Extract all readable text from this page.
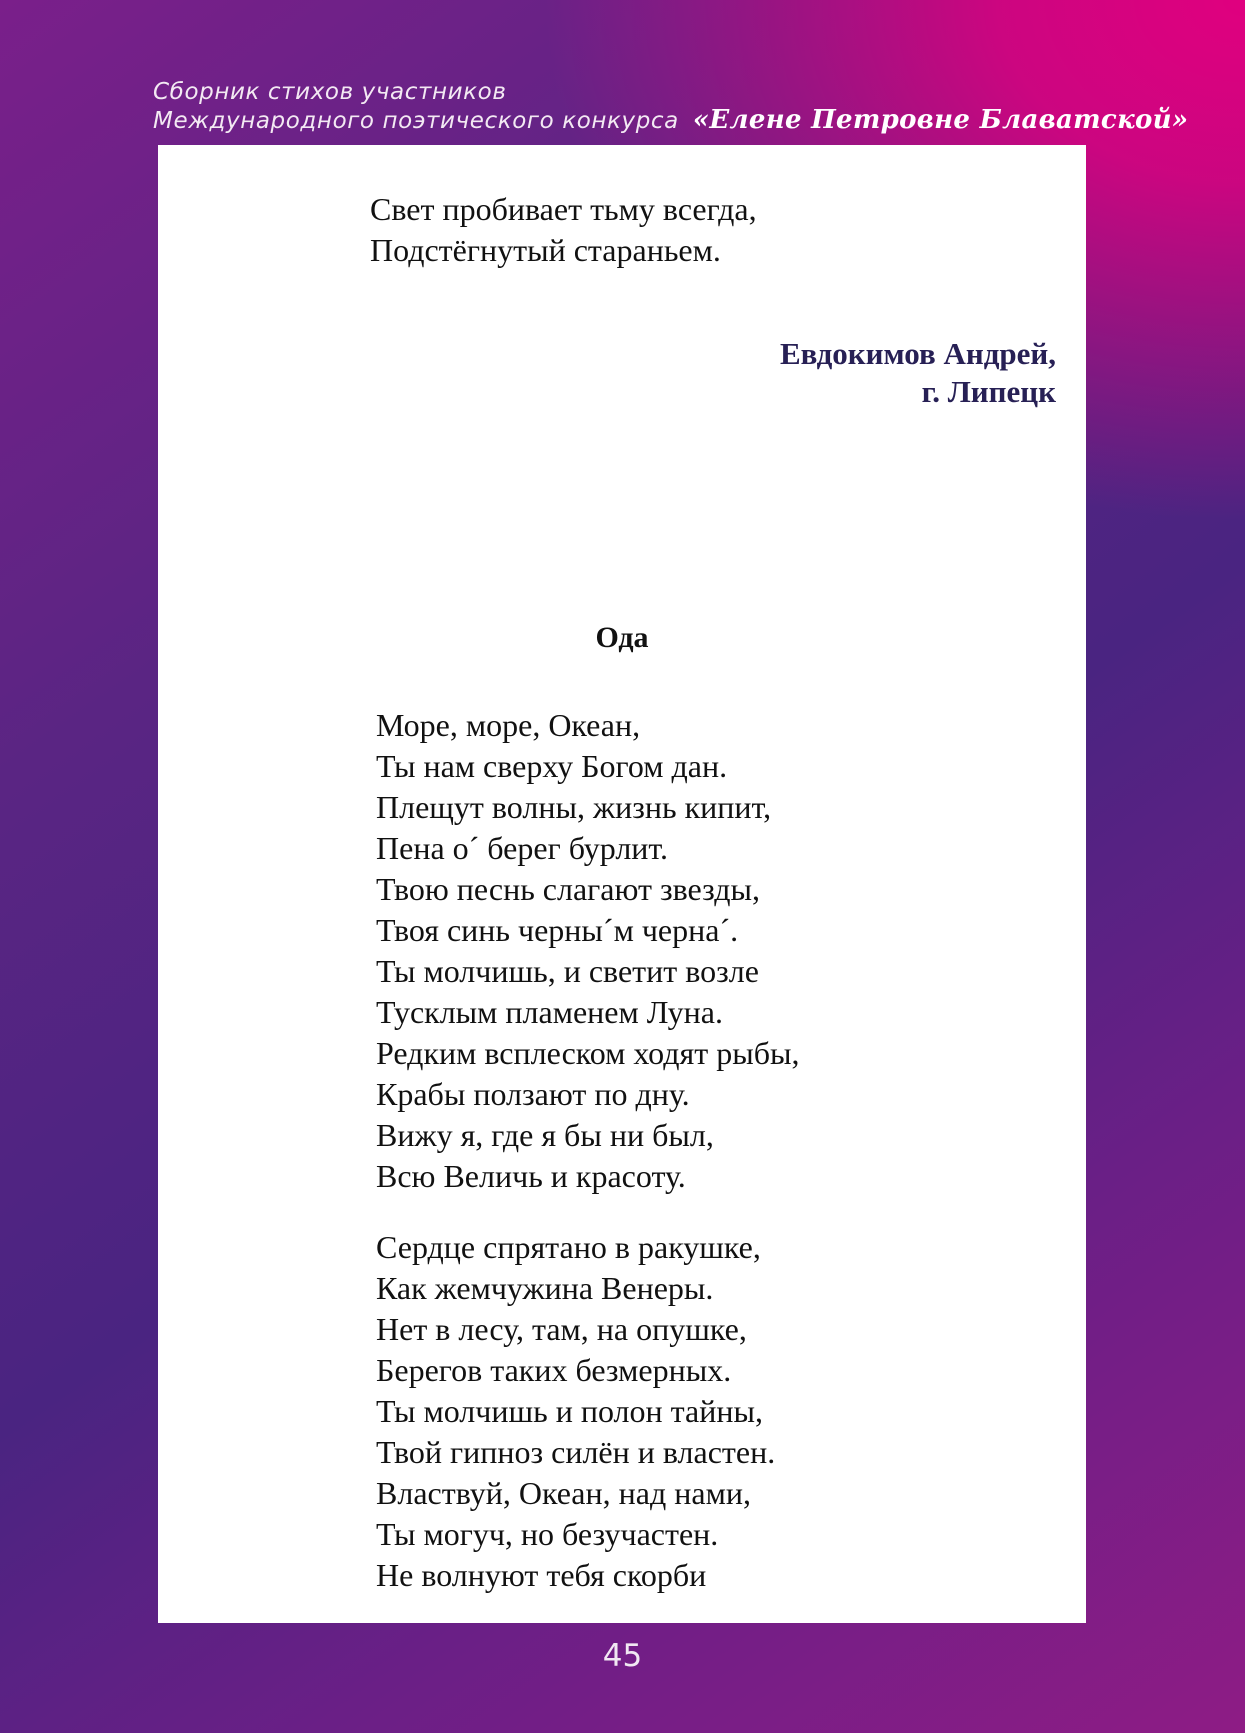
Сборник стихов участников
Международного поэтического конкурса «Елене Петровне Блаватской»
Свет пробивает тьму всегда,
Подстёгнутый стараньем.
Евдокимов Андрей,
г. Липецк
Ода
Море, море, Океан,
Ты нам сверху Богом дан.
Плещут волны, жизнь кипит,
Пена о´ берег бурлит.
Твою песнь слагают звезды,
Твоя синь черны´м черна´.
Ты молчишь, и светит возле
Тусклым пламенем Луна.
Редким всплеском ходят рыбы,
Крабы ползают по дну.
Вижу я, где я бы ни был,
Всю Величь и красоту.
Сердце спрятано в ракушке,
Как жемчужина Венеры.
Нет в лесу, там, на опушке,
Берегов таких безмерных.
Ты молчишь и полон тайны,
Твой гипноз силён и властен.
Властвуй, Океан, над нами,
Ты могуч, но безучастен.
Не волнуют тебя скорби
45
